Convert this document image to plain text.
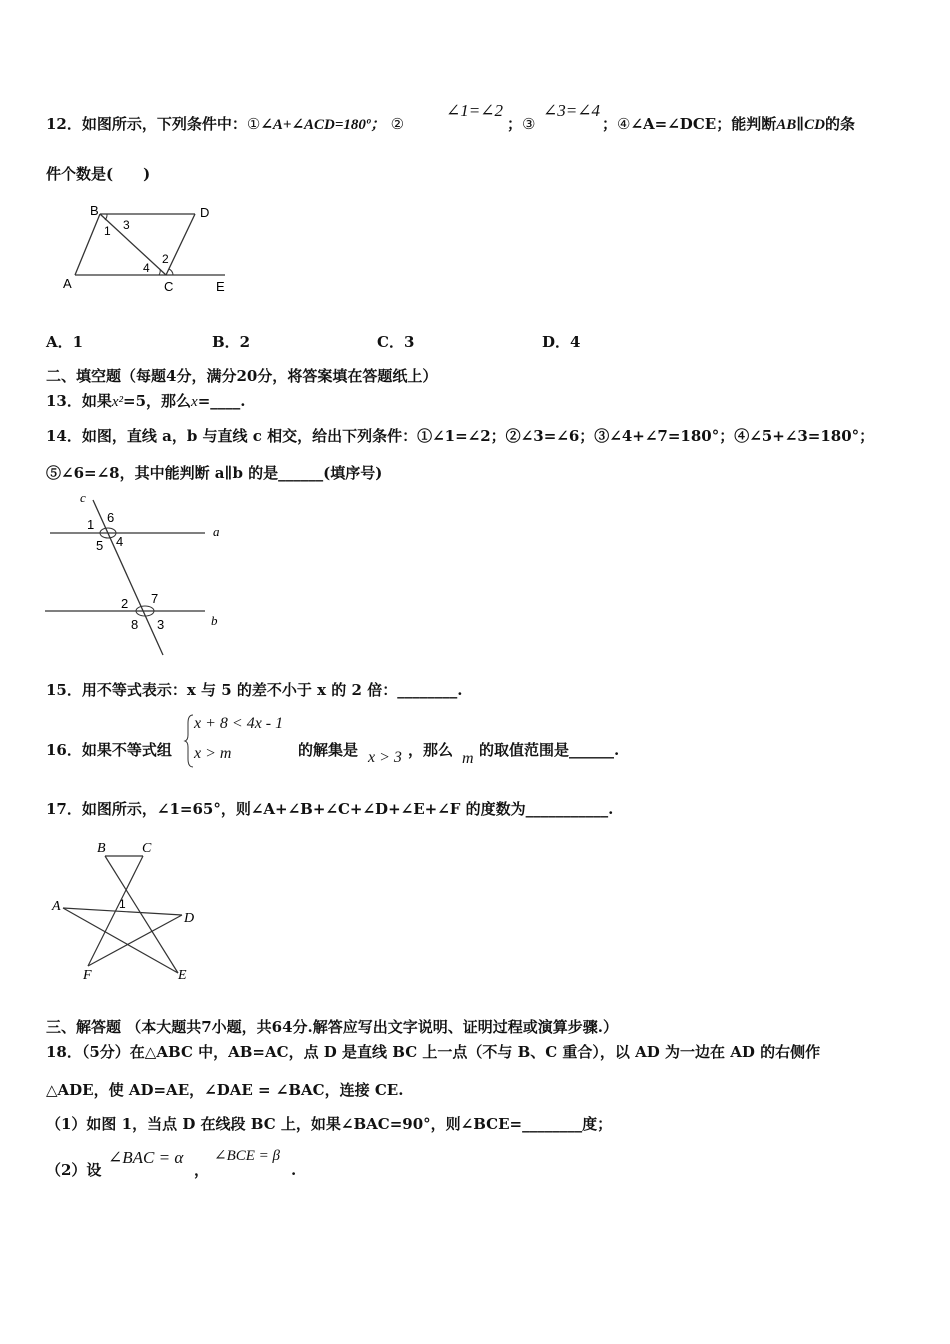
12．如图所示，下列条件中：①∠A+∠ACD=180º； ②
∠1=∠2
；③
∠3=∠4
；④∠A=∠DCE；能判断AB∥CD的条
件个数是(　　)
B	D
1 3
A
4
2
C	E
A．1	B．2	C．3	D．4
二、填空题（每题4分，满分20分，将答案填在答题纸上）
13．如果x²=5，那么x=____.
14．如图，直线 a，b 与直线 c 相交，给出下列条件：①∠1=∠2；②∠3=∠6；③∠4+∠7=180°；④∠5+∠3=180°；
⑤∠6=∠8，其中能判断 a∥b 的是______(填序号)
c
1 6
5 4
a
2 7
8 3	b
15．用不等式表示：x 与 5 的差不小于 x 的 2 倍：________.
16．如果不等式组
x + 8 < 4x - 1
x > m	的解集是 x > 3 ，那么 m 的取值范围是______.
17．如图所示，∠1=65°，则∠A+∠B+∠C+∠D+∠E+∠F 的度数为___________.
B	C
A	1
D
F	E
三、解答题 （本大题共7小题，共64分.解答应写出文字说明、证明过程或演算步骤.）
18．（5分）在△ABC 中，AB=AC，点 D 是直线 BC 上一点（不与 B、C 重合），以 AD 为一边在 AD 的右侧作
△ADE，使 AD=AE，∠DAE = ∠BAC，连接 CE.
（1）如图 1，当点 D 在线段 BC 上，如果∠BAC=90°，则∠BCE=________度；
（2）设
∠BAC = α
，
∠BCE = β
.
